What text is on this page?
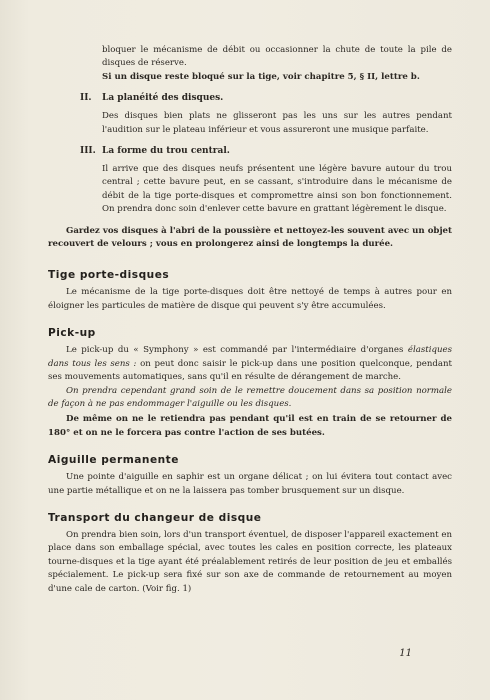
bloquer le mécanisme de débit ou occasionner la chute de toute la pile de disques de réserve.

Si un disque reste bloqué sur la tige, voir chapitre 5, § II, lettre b.

II.	La planéité des disques.

Des disques bien plats ne glisseront pas les uns sur les autres pendant l'audition sur le plateau inférieur et vous assureront une musique parfaite.

III. La forme du trou central.

Il arrive que des disques neufs présentent une légère bavure autour du trou central ; cette bavure peut, en se cassant, s'introduire dans le mécanisme de débit de la tige porte-disques et compromettre ainsi son bon fonctionnement. On prendra donc soin d'enlever cette bavure en grattant légèrement le disque.

Gardez vos disques à l'abri de la poussière et nettoyez-les souvent avec un objet recouvert de velours ; vous en prolongerez ainsi de longtemps la durée.

Tige porte-disques

Le mécanisme de la tige porte-disques doit être nettoyé de temps à autres pour en éloigner les particules de matière de disque qui peuvent s'y être accumulées.

Pick-up

Le pick-up du « Symphony » est commandé par l'intermédiaire d'organes élastiques dans tous les sens : on peut donc saisir le pick-up dans une position quelconque, pendant ses mouvements automatiques, sans qu'il en résulte de dérangement de marche.

On prendra cependant grand soin de le remettre doucement dans sa position normale de façon à ne pas endommager l'aiguille ou les disques.

De même on ne le retiendra pas pendant qu'il est en train de se retourner de 180° et on ne le forcera pas contre l'action de ses butées.

Aiguille permanente

Une pointe d'aiguille en saphir est un organe délicat ; on lui évitera tout contact avec une partie métallique et on ne la laissera pas tomber brusquement sur un disque.

Transport du changeur de disque

On prendra bien soin, lors d'un transport éventuel, de disposer l'appareil exactement en place dans son emballage spécial, avec toutes les cales en position correcte, les plateaux tourne-disques et la tige ayant été préalablement retirés de leur position de jeu et emballés spécialement. Le pick-up sera fixé sur son axe de commande de retournement au moyen d'une cale de carton. (Voir fig. 1)

11
